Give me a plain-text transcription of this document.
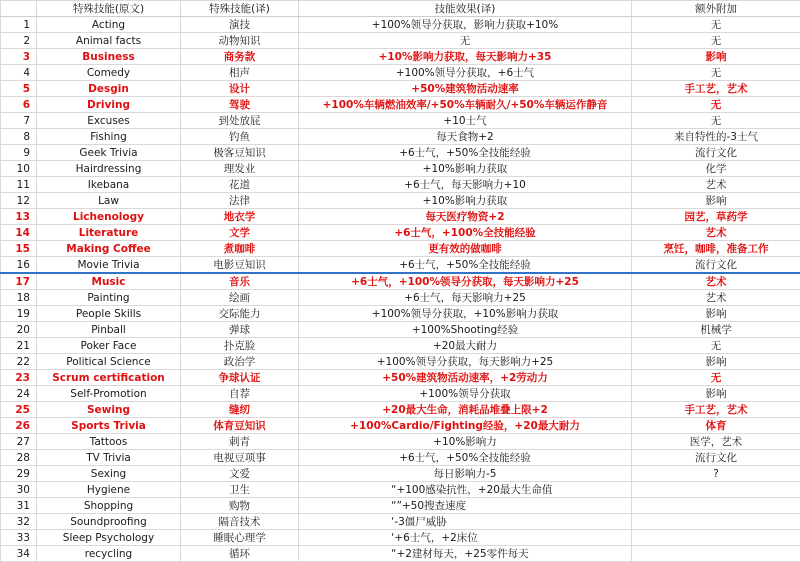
	特殊技能(原文)	特殊技能(译)	技能效果(译)	额外附加
1	Acting	演技	+100%领导分获取，影响力获取+10%	无
2	Animal facts	动物知识	无	无
3	Business	商务款	+10%影响力获取，每天影响力+35	影响
4	Comedy	相声	+100%领导分获取，+6士气	无
5	Desgin	设计	+50%建筑物活动速率	手工艺，艺术
6	Driving	驾驶	+100%车辆燃油效率/+50%车辆耐久/+50%车辆运作静音	无
7	Excuses	到处放屁	+10士气	无
8	Fishing	钓鱼	每天食物+2	来自特性的-3士气
9	Geek Trivia	极客豆知识	+6士气，+50%全技能经验	流行文化
10	Hairdressing	理发业	+10%影响力获取	化学
11	Ikebana	花道	+6士气，每天影响力+10	艺术
12	Law	法律	+10%影响力获取	影响
13	Lichenology	地衣学	每天医疗物资+2	园艺，草药学
14	Literature	文学	+6士气，+100%全技能经验	艺术
15	Making Coffee	煮咖啡	更有效的做咖啡	烹饪，咖啡，准备工作
16	Movie Trivia	电影豆知识	+6士气，+50%全技能经验	流行文化
17	Music	音乐	+6士气，+100%领导分获取，每天影响力+25	艺术
18	Painting	绘画	+6士气，每天影响力+25	艺术
19	People Skills	交际能力	+100%领导分获取，+10%影响力获取	影响
20	Pinball	弹球	+100%Shooting经验	机械学
21	Poker Face	扑克脸	+20最大耐力	无
22	Political Science	政治学	+100%领导分获取，每天影响力+25	影响
23	Scrum certification	争球认证	+50%建筑物活动速率，+2劳动力	无
24	Self-Promotion	自荐	+100%领导分获取	影响
25	Sewing	缝纫	+20最大生命，消耗品堆叠上限+2	手工艺，艺术
26	Sports Trivia	体育豆知识	+100%Cardio/Fighting经验，+20最大耐力	体育
27	Tattoos	刺青	+10%影响力	医学，艺术
28	TV Trivia	电视豆项事	+6士气，+50%全技能经验	流行文化
29	Sexing	文爱	每日影响力-5	?
30	Hygiene	卫生	“+100感染抗性，+20最大生命值	
31	Shopping	购物	“”+50搜查速度	
32	Soundproofing	隔音技术	‘-3僵尸威胁	
33	Sleep Psychology	睡眠心理学	‘+6士气，+2床位	
34	recycling	循环	“+2建材每天，+25零件每天	
